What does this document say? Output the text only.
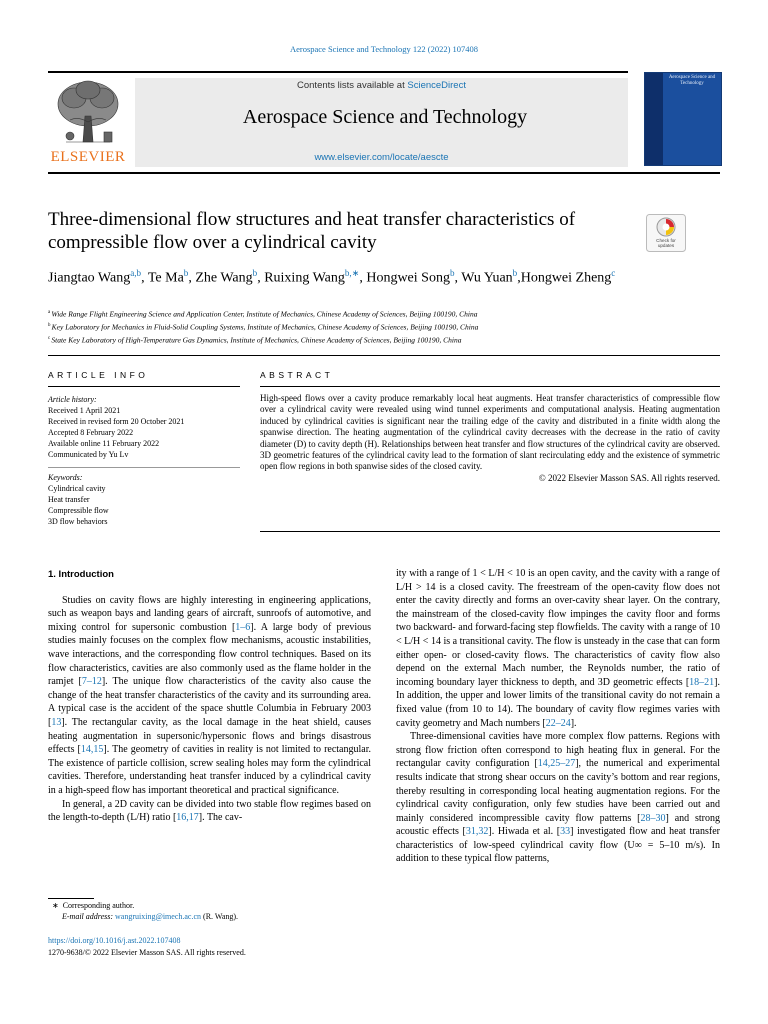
Aerospace Science and Technology 122 (2022) 107408
ELSEVIER
Contents lists available at ScienceDirect
Aerospace Science and Technology
www.elsevier.com/locate/aescte
Aerospace Science and Technology
Three-dimensional flow structures and heat transfer characteristics of compressible flow over a cylindrical cavity	Check for
updates
Jiangtao Wang$^{a,b}$, Te Ma$^b$, Zhe Wang$^b$, Ruixing Wang$^{b,∗}$, Hongwei Song$^b$, Wu Yuan$^b$,Hongwei Zheng$^c$
$^a$ Wide Range Flight Engineering Science and Application Center, Institute of Mechanics, Chinese Academy of Sciences, Beijing 100190, China
$^b$ Key Laboratory for Mechanics in Fluid-Solid Coupling Systems, Institute of Mechanics, Chinese Academy of Sciences, Beijing 100190, China
$^c$ State Key Laboratory of High-Temperature Gas Dynamics, Institute of Mechanics, Chinese Academy of Sciences, Beijing 100190, China
ARTICLE INFO
Article history:
Received 1 April 2021
Received in revised form 20 October 2021
Accepted 8 February 2022
Available online 11 February 2022
Communicated by Yu Lv
Keywords:
Cylindrical cavity
Heat transfer
Compressible flow
3D flow behaviors
ABSTRACT
High-speed flows over a cavity produce remarkably local heat augments. Heat transfer characteristics of compressible flow over a cylindrical cavity were revealed using wind tunnel experiments and computational analysis. Heating augmentation induced by cylindrical cavities is significant near the trailing edge of the cavity and distributed in a finite width along the spanwise direction. The heating augmentation of the cylindrical cavity decreases with the decrease in the ratio of cavity diameter (D) to cavity depth (H). Relationships between heat transfer and flow structures of the cylindrical cavity are observed. 3D geometric features of the cylindrical cavity lead to the formation of slant recirculating eddy and the existence of symmetric open flow regions in both spanwise sides of the closed cavity.
© 2022 Elsevier Masson SAS. All rights reserved.
1. Introduction

Studies on cavity flows are highly interesting in engineering applications, such as weapon bays and landing gears of aircraft, sunroofs of automotive, and mixing control for supersonic combustion [1–6]. A large body of previous studies mainly focuses on the complex flow mechanisms, acoustic instabilities, wave interactions, and the corresponding flow control techniques. Based on its flow characteristics, cavities are also commonly used as the flame holder in the ramjet [7–12]. The unique flow characteristics of the cavity also cause the change of the heat transfer characteristics of the cavity and its surrounding area. A typical case is the accident of the space shuttle Columbia in February 2003 [13]. The rectangular cavity, as the local damage in the heat shield, causes heating augmentation in supersonic/hypersonic flows and brings disastrous effects [14,15]. The geometry of cavities in reality is not limited to rectangular. The existence of particle collision, screw sealing holes may form the cylindrical cavities. Therefore, understanding heat transfer induced by a cylindrical cavity in a high-speed flow has important theoretical and practical significance.

In general, a 2D cavity can be divided into two stable flow regimes based on the length-to-depth (L/H) ratio [16,17]. The cav-

ity with a range of 1 < L/H < 10 is an open cavity, and the cavity with a range of L/H > 14 is a closed cavity. The freestream of the open-cavity flow does not enter the cavity directly and forms an over-cavity shear layer. On the contrary, the mainstream of the closed-cavity flow impinges the cavity floor and forms two backward- and forward-facing step flowfields. The cavity with a range of 10 < L/H < 14 is a transitional cavity. The flow is unsteady in the case that can form either open- or closed-cavity flows. The characteristics of cavity flow also depend on the external Mach number, the Reynolds number, the ratio of incoming boundary layer thickness to depth, and 3D geometric effects [18–21]. In addition, the upper and lower limits of the transitional cavity do not remain a fixed value (from 10 to 14). The boundary of cavity flow regimes varies with cavity geometry and Mach numbers [22–24].

Three-dimensional cavities have more complex flow patterns. Regions with strong flow friction often correspond to high heating flux in general. For the rectangular cavity configuration [14,25–27], the numerical and experimental results indicate that strong shear occurs on the cavity’s bottom and rear regions, thereby resulting in corresponding local heating augmentation regions. For the cylindrical cavity configuration, only few studies have been carried out and mainly considered incompressible cavity flow patterns [28–30] and strong acoustic effects [31,32]. Hiwada et al. [33] investigated flow and heat transfer characteristics of low-speed cylindrical cavity flow (U∞ = 5–10 m/s). In addition to these typical flow patterns,

∗  Corresponding author.
E-mail address: wangruixing@imech.ac.cn (R. Wang).
https://doi.org/10.1016/j.ast.2022.107408
1270-9638/© 2022 Elsevier Masson SAS. All rights reserved.
